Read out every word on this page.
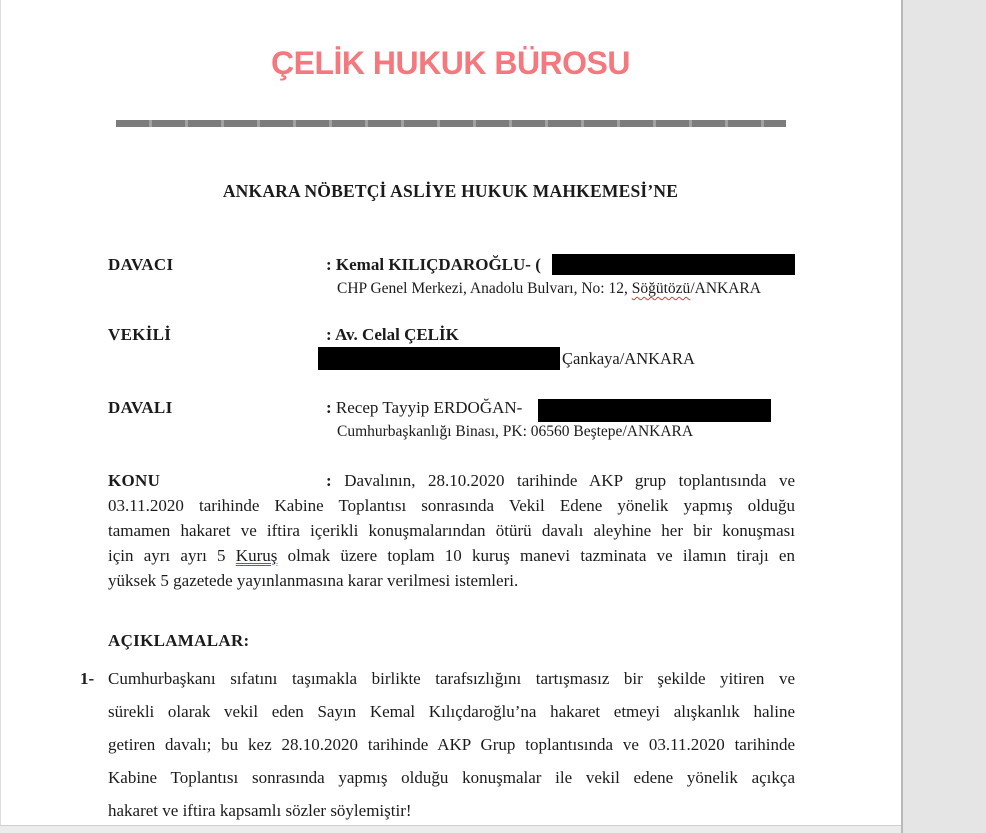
ÇELİK HUKUK BÜROSU
ANKARA NÖBETÇİ ASLİYE HUKUK MAHKEMESİ’NE
DAVACI	: Kemal KILIÇDAROĞLU- (
CHP Genel Merkezi, Anadolu Bulvarı, No: 12, Söğütözü/ANKARA
VEKİLİ	: Av. Celal ÇELİK
Çankaya/ANKARA
DAVALI	: Recep Tayyip ERDOĞAN-
Cumhurbaşkanlığı Binası, PK: 06560 Beştepe/ANKARA
KONU	: Davalının, 28.10.2020 tarihinde AKP grup toplantısında ve
03.11.2020 tarihinde Kabine Toplantısı sonrasında Vekil Edene yönelik yapmış olduğu
tamamen hakaret ve iftira içerikli konuşmalarından ötürü davalı aleyhine her bir konuşması
için ayrı ayrı 5 Kuruş olmak üzere toplam 10 kuruş manevi tazminata ve ilamın tirajı en
yüksek 5 gazetede yayınlanmasına karar verilmesi istemleri.
AÇIKLAMALAR:
1- Cumhurbaşkanı sıfatını taşımakla birlikte tarafsızlığını tartışmasız bir şekilde yitiren ve
sürekli olarak vekil eden Sayın Kemal Kılıçdaroğlu’na hakaret etmeyi alışkanlık haline
getiren davalı; bu kez 28.10.2020 tarihinde AKP Grup toplantısında ve 03.11.2020 tarihinde
Kabine Toplantısı sonrasında yapmış olduğu konuşmalar ile vekil edene yönelik açıkça
hakaret ve iftira kapsamlı sözler söylemiştir!
